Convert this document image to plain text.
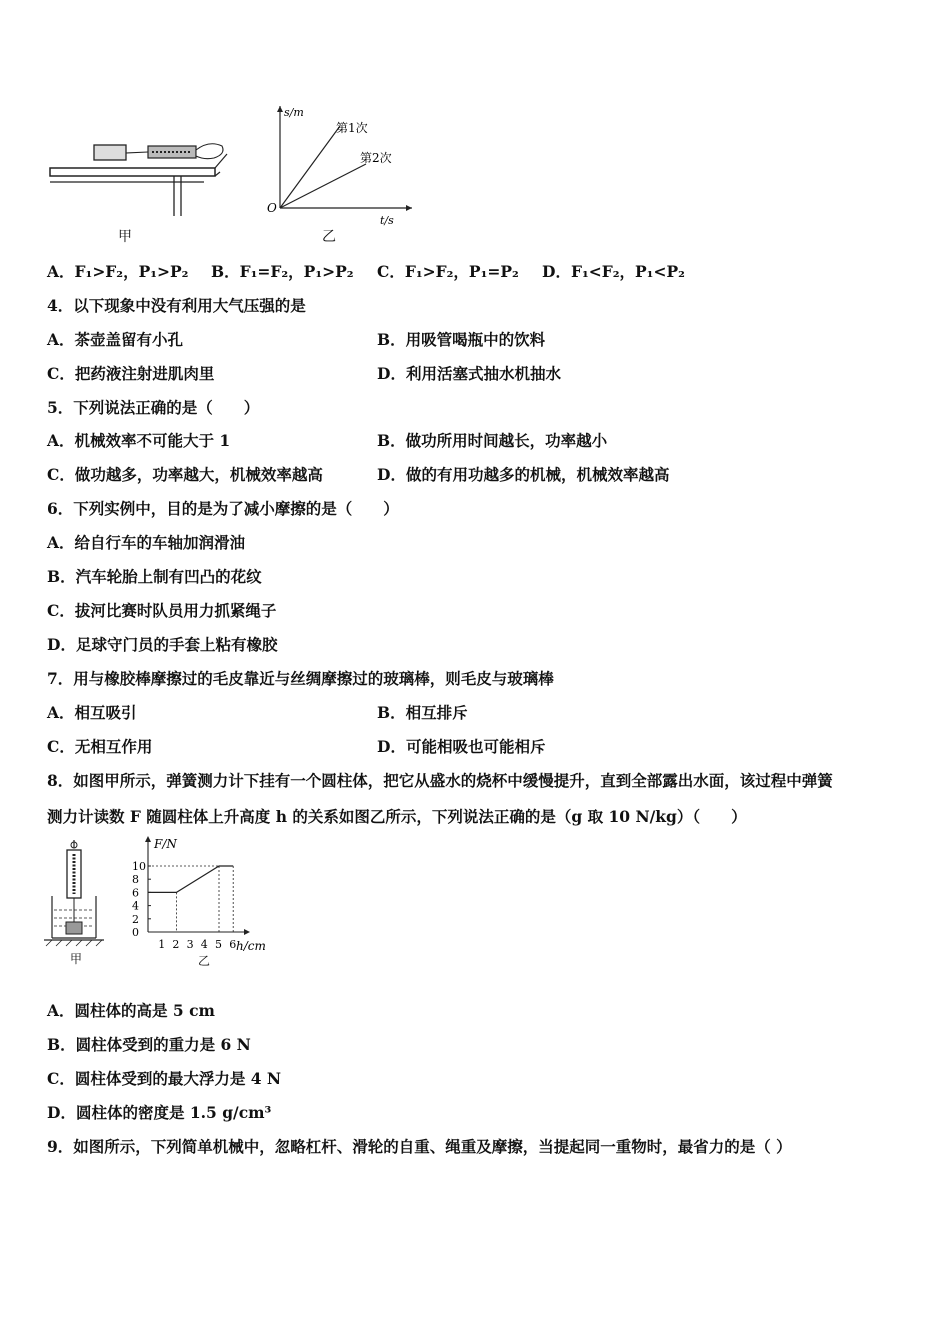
甲
s/m
t/s
O
第1次
第2次
乙
A．F₁>F₂，P₁>P₂ B．F₁=F₂，P₁>P₂ C．F₁>F₂，P₁=P₂ D．F₁<F₂，P₁<P₂
4．以下现象中没有利用大气压强的是
A．茶壶盖留有小孔	B．用吸管喝瓶中的饮料
C．把药液注射进肌肉里	D．利用活塞式抽水机抽水
5．下列说法正确的是（　　）
A．机械效率不可能大于 1	B．做功所用时间越长，功率越小
C．做功越多，功率越大，机械效率越高	D．做的有用功越多的机械，机械效率越高
6．下列实例中，目的是为了减小摩擦的是（　　）
A．给自行车的车轴加润滑油
B．汽车轮胎上制有凹凸的花纹
C．拔河比赛时队员用力抓紧绳子
D．足球守门员的手套上粘有橡胶
7．用与橡胶棒摩擦过的毛皮靠近与丝绸摩擦过的玻璃棒，则毛皮与玻璃棒
A．相互吸引	B．相互排斥
C．无相互作用	D．可能相吸也可能相斥
8．如图甲所示，弹簧测力计下挂有一个圆柱体，把它从盛水的烧杯中缓慢提升，直到全部露出水面，该过程中弹簧
测力计读数 F 随圆柱体上升高度 h 的关系如图乙所示，下列说法正确的是（g 取 10 N/kg）（　　）
甲
F/N
h/cm
0
2
4
6
8
10
1 2 3 4 5 6
乙
A．圆柱体的高是 5 cm
B．圆柱体受到的重力是 6 N
C．圆柱体受到的最大浮力是 4 N
D．圆柱体的密度是 1.5 g/cm³
9．如图所示，下列简单机械中，忽略杠杆、滑轮的自重、绳重及摩擦，当提起同一重物时，最省力的是（ ）
